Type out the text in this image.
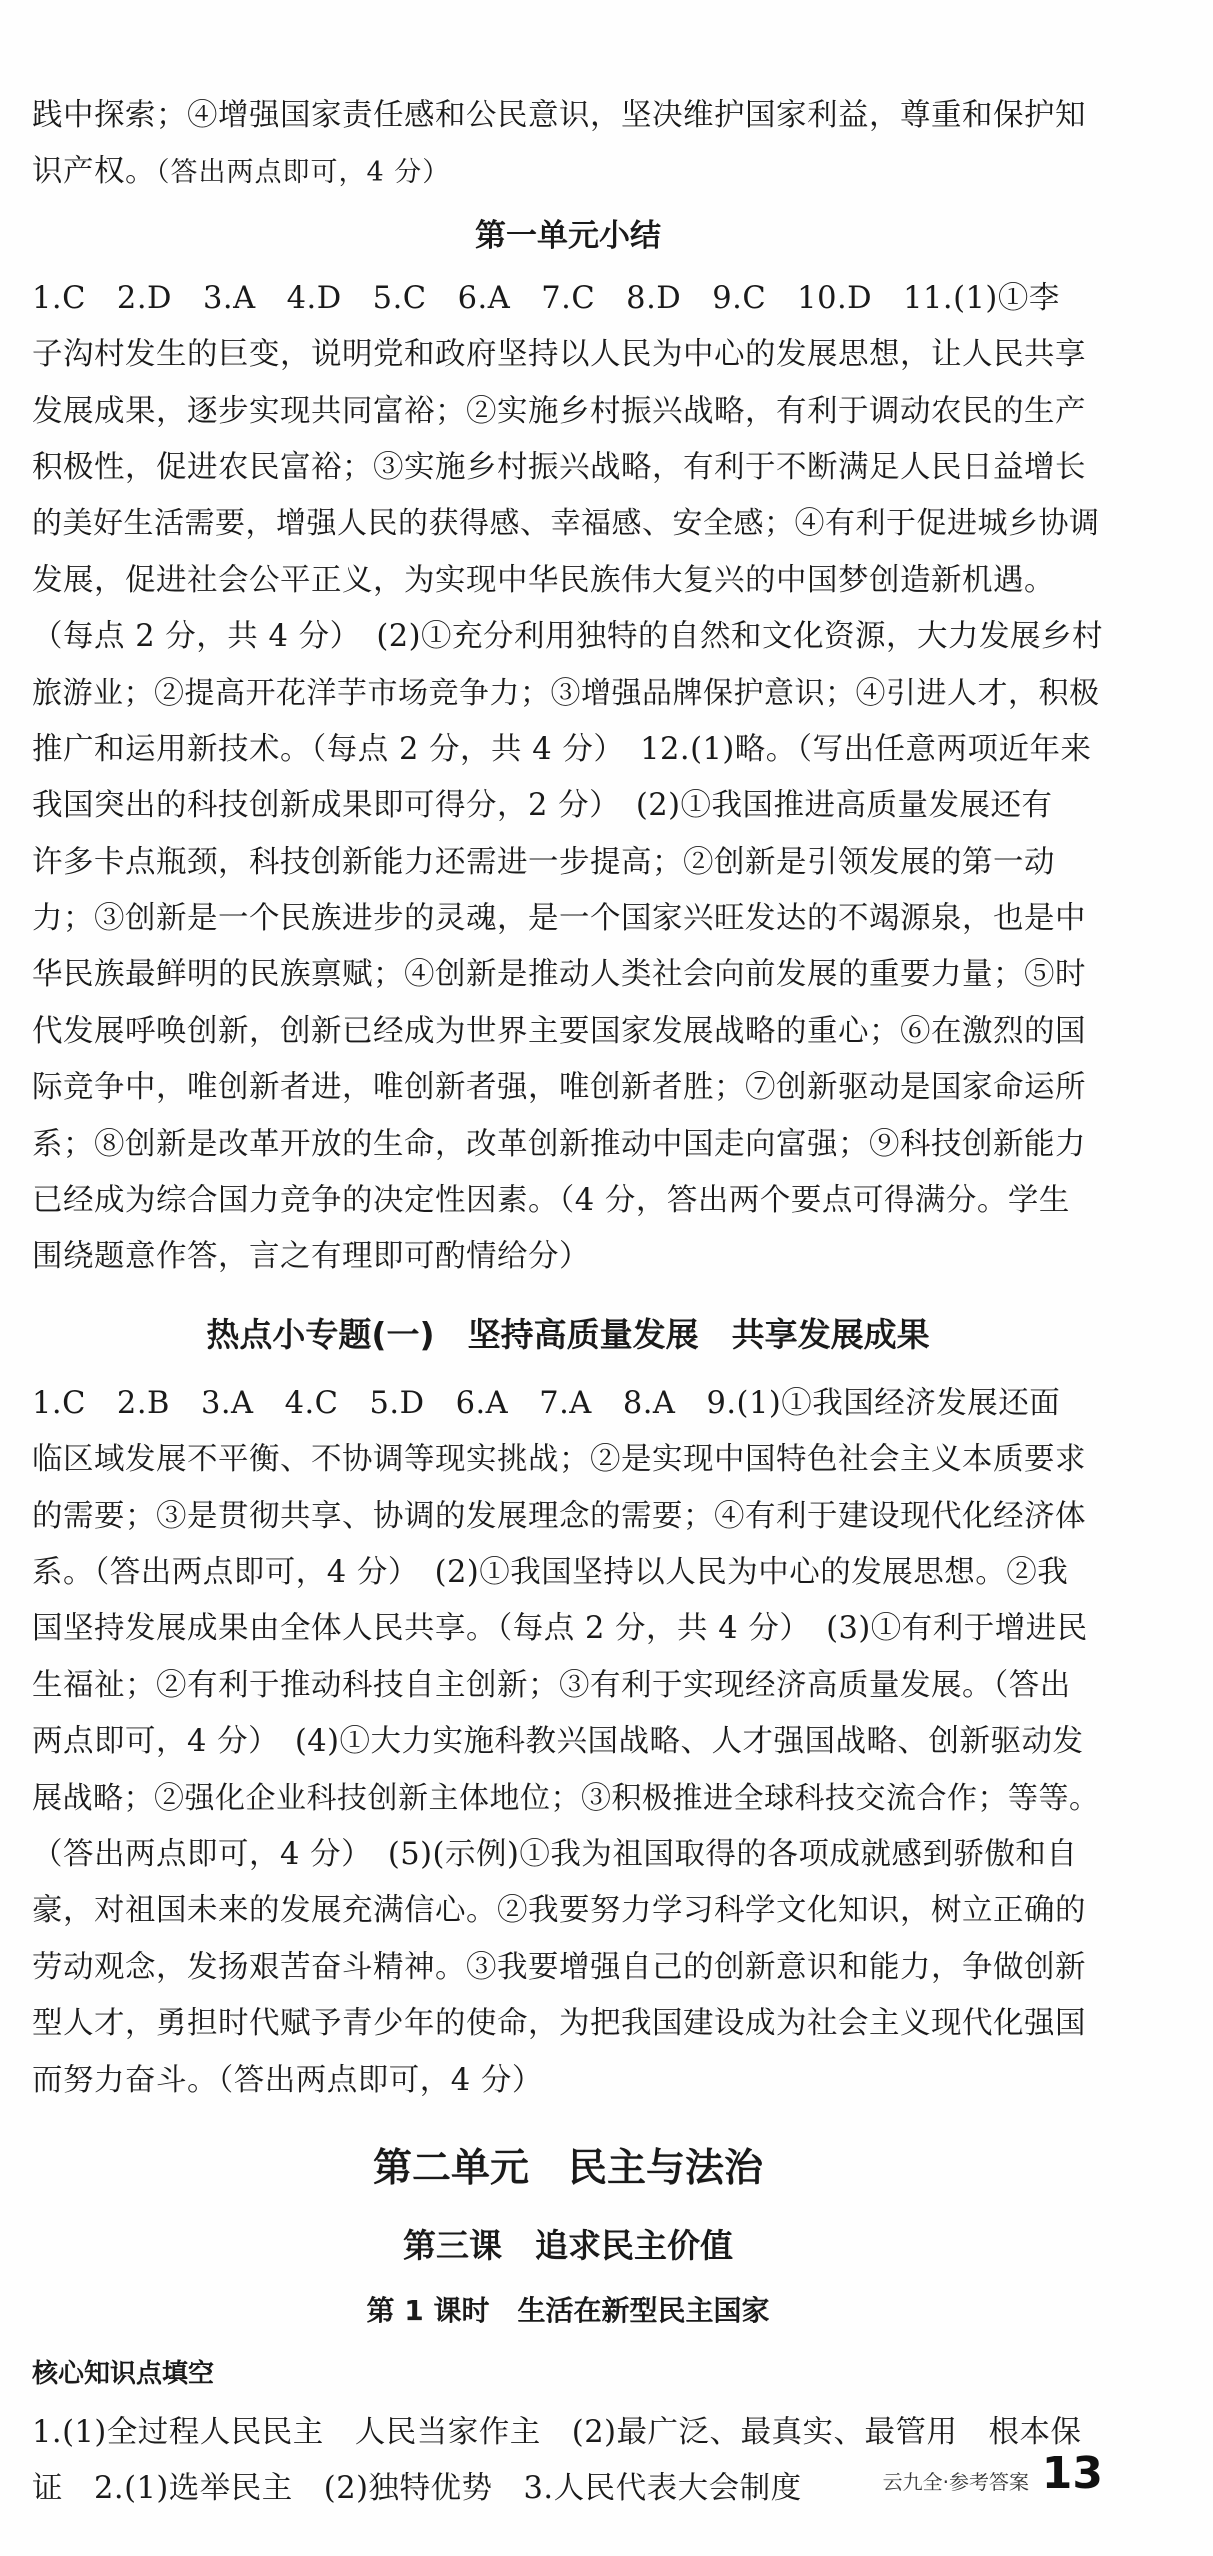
践中探索；④增强国家责任感和公民意识，坚决维护国家利益，尊重和保护知
识产权。（答出两点即可，4 分）
第一单元小结
1.C　2.D　3.A　4.D　5.C　6.A　7.C　8.D　9.C　10.D　11.(1)①李
子沟村发生的巨变，说明党和政府坚持以人民为中心的发展思想，让人民共享
发展成果，逐步实现共同富裕；②实施乡村振兴战略，有利于调动农民的生产
积极性，促进农民富裕；③实施乡村振兴战略，有利于不断满足人民日益增长
的美好生活需要，增强人民的获得感、幸福感、安全感；④有利于促进城乡协调
发展，促进社会公平正义，为实现中华民族伟大复兴的中国梦创造新机遇。
（每点 2 分，共 4 分）　(2)①充分利用独特的自然和文化资源，大力发展乡村
旅游业；②提高开花洋芋市场竞争力；③增强品牌保护意识；④引进人才，积极
推广和运用新技术。（每点 2 分，共 4 分）　12.(1)略。（写出任意两项近年来
我国突出的科技创新成果即可得分，2 分）　(2)①我国推进高质量发展还有
许多卡点瓶颈，科技创新能力还需进一步提高；②创新是引领发展的第一动
力；③创新是一个民族进步的灵魂，是一个国家兴旺发达的不竭源泉，也是中
华民族最鲜明的民族禀赋；④创新是推动人类社会向前发展的重要力量；⑤时
代发展呼唤创新，创新已经成为世界主要国家发展战略的重心；⑥在激烈的国
际竞争中，唯创新者进，唯创新者强，唯创新者胜；⑦创新驱动是国家命运所
系；⑧创新是改革开放的生命，改革创新推动中国走向富强；⑨科技创新能力
已经成为综合国力竞争的决定性因素。（4 分，答出两个要点可得满分。学生
围绕题意作答，言之有理即可酌情给分）
热点小专题(一)　坚持高质量发展　共享发展成果
1.C　2.B　3.A　4.C　5.D　6.A　7.A　8.A　9.(1)①我国经济发展还面
临区域发展不平衡、不协调等现实挑战；②是实现中国特色社会主义本质要求
的需要；③是贯彻共享、协调的发展理念的需要；④有利于建设现代化经济体
系。（答出两点即可，4 分）　(2)①我国坚持以人民为中心的发展思想。②我
国坚持发展成果由全体人民共享。（每点 2 分，共 4 分）　(3)①有利于增进民
生福祉；②有利于推动科技自主创新；③有利于实现经济高质量发展。（答出
两点即可，4 分）　(4)①大力实施科教兴国战略、人才强国战略、创新驱动发
展战略；②强化企业科技创新主体地位；③积极推进全球科技交流合作；等等。
（答出两点即可，4 分）　(5)(示例)①我为祖国取得的各项成就感到骄傲和自
豪，对祖国未来的发展充满信心。②我要努力学习科学文化知识，树立正确的
劳动观念，发扬艰苦奋斗精神。③我要增强自己的创新意识和能力，争做创新
型人才，勇担时代赋予青少年的使命，为把我国建设成为社会主义现代化强国
而努力奋斗。（答出两点即可，4 分）
第二单元　民主与法治
第三课　追求民主价值
第 1 课时　生活在新型民主国家
核心知识点填空
1.(1)全过程人民民主　人民当家作主　(2)最广泛、最真实、最管用　根本保
证　2.(1)选举民主　(2)独特优势　3.人民代表大会制度	云九全·参考答案 13
